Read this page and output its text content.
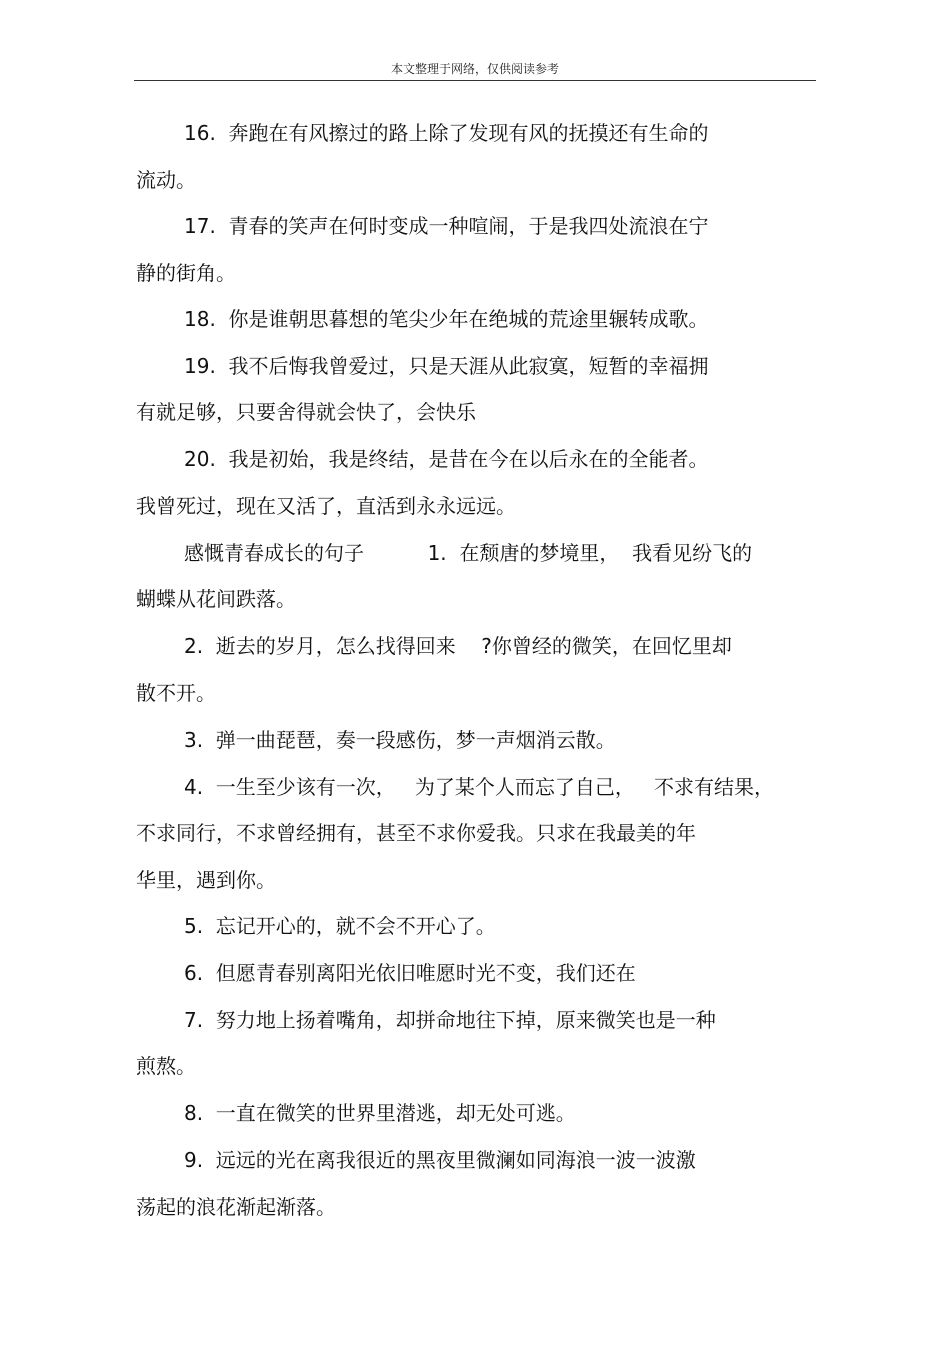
本文整理于网络，仅供阅读参考
16.  奔跑在有风擦过的路上除了发现有风的抚摸还有生命的
流动。
17.  青春的笑声在何时变成一种喧闹，于是我四处流浪在宁
静的街角。
18.  你是谁朝思暮想的笔尖少年在绝城的荒途里辗转成歌。
19.  我不后悔我曾爱过，只是天涯从此寂寞，短暂的幸福拥
有就足够，只要舍得就会快了，会快乐
20.  我是初始，我是终结，是昔在今在以后永在的全能者。
我曾死过，现在又活了，直活到永永远远。
感慨青春成长的句子          1.  在颓唐的梦境里，  我看见纷飞的
蝴蝶从花间跌落。
2.  逝去的岁月，怎么找得回来    ?你曾经的微笑，在回忆里却
散不开。
3.  弹一曲琵琶，奏一段感伤，梦一声烟消云散。
4.  一生至少该有一次，   为了某个人而忘了自己，   不求有结果，
不求同行，不求曾经拥有，甚至不求你爱我。只求在我最美的年
华里，遇到你。
5.  忘记开心的，就不会不开心了。
6.  但愿青春别离阳光依旧唯愿时光不变，我们还在
7.  努力地上扬着嘴角，却拼命地往下掉，原来微笑也是一种
煎熬。
8.  一直在微笑的世界里潜逃，却无处可逃。
9.  远远的光在离我很近的黑夜里微澜如同海浪一波一波激
荡起的浪花渐起渐落。
